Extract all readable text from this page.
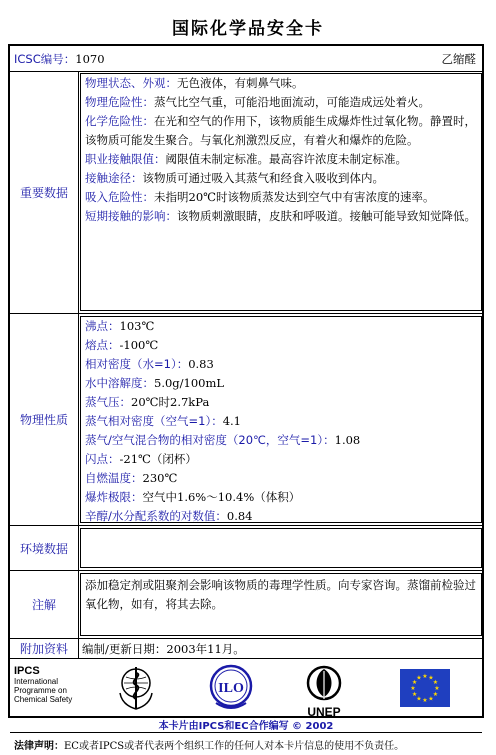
国际化学品安全卡
ICSC编号：1070	乙缩醛
重要数据
物理状态、外观：无色液体，有刺鼻气味。
物理危险性：蒸气比空气重，可能沿地面流动，可能造成远处着火。
化学危险性：在光和空气的作用下，该物质能生成爆炸性过氧化物。静置时，该物质可能发生聚合。与氧化剂激烈反应，有着火和爆炸的危险。
职业接触限值：阈限值未制定标准。最高容许浓度未制定标准。
接触途径：该物质可通过吸入其蒸气和经食入吸收到体内。
吸入危险性：未指明20℃时该物质蒸发达到空气中有害浓度的速率。
短期接触的影响：该物质刺激眼睛，皮肤和呼吸道。接触可能导致知觉降低。
物理性质
沸点：103℃
熔点：-100℃
相对密度（水=1）：0.83
水中溶解度：5.0g/100mL
蒸气压：20℃时2.7kPa
蒸气相对密度（空气=1）：4.1
蒸气/空气混合物的相对密度（20℃，空气=1）：1.08
闪点：-21℃（闭杯）
自燃温度：230℃
爆炸极限：空气中1.6%～10.4%（体积）
辛醇/水分配系数的对数值：0.84
环境数据
注解
添加稳定剂或阻聚剂会影响该物质的毒理学性质。向专家咨询。蒸馏前检验过氧化物，如有，将其去除。
附加资料	编制/更新日期：2003年11月。
IPCS
International
Programme on
Chemical Safety
ILO
UNEP
★ ★
★
★
★
★
★
★
★
★
★
★
本卡片由IPCS和EC合作编写 © 2002
法律声明：EC或者IPCS或者代表两个组织工作的任何人对本卡片信息的使用不负责任。
